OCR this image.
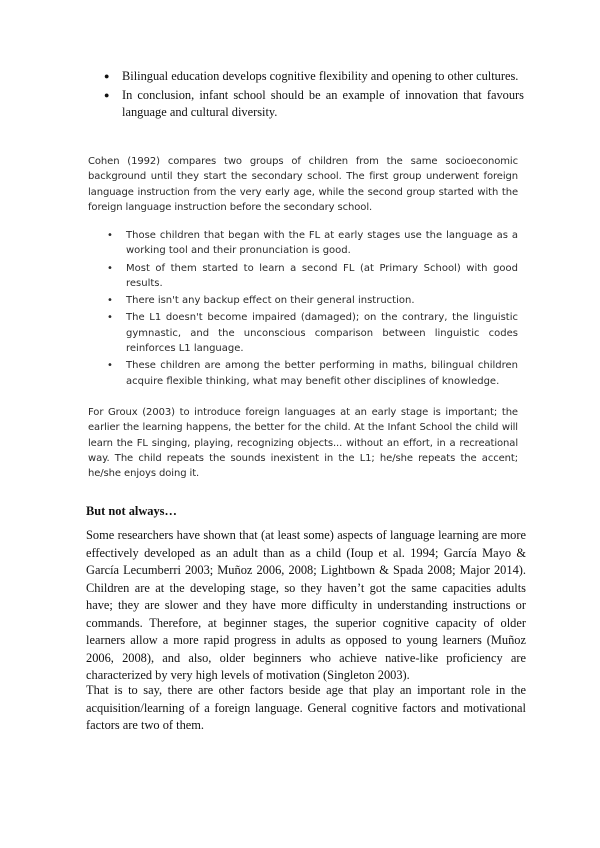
● Bilingual education develops cognitive flexibility and opening to other cultures.
● In conclusion, infant school should be an example of innovation that favours language and cultural diversity.

Cohen (1992) compares two groups of children from the same socioeconomic background until they start the secondary school. The first group underwent foreign language instruction from the very early age, while the second group started with the foreign language instruction before the secondary school.

• Those children that began with the FL at early stages use the language as a working tool and their pronunciation is good.
• Most of them started to learn a second FL (at Primary School) with good results.
• There isn't any backup effect on their general instruction.
• The L1 doesn't become impaired (damaged); on the contrary, the linguistic gymnastic, and the unconscious comparison between linguistic codes reinforces L1 language.
• These children are among the better performing in maths, bilingual children acquire flexible thinking, what may benefit other disciplines of knowledge.

For Groux (2003) to introduce foreign languages at an early stage is important; the earlier the learning happens, the better for the child. At the Infant School the child will learn the FL singing, playing, recognizing objects... without an effort, in a recreational way. The child repeats the sounds inexistent in the L1; he/she repeats the accent; he/she enjoys doing it.

But not always…

Some researchers have shown that (at least some) aspects of language learning are more effectively developed as an adult than as a child (Ioup et al. 1994; García Mayo & García Lecumberri 2003; Muñoz 2006, 2008; Lightbown & Spada 2008; Major 2014). Children are at the developing stage, so they haven’t got the same capacities adults have; they are slower and they have more difficulty in understanding instructions or commands. Therefore, at beginner stages, the superior cognitive capacity of older learners allow a more rapid progress in adults as opposed to young learners (Muñoz 2006, 2008), and also, older beginners who achieve native-like proficiency are characterized by very high levels of motivation (Singleton 2003).

That is to say, there are other factors beside age that play an important role in the acquisition/learning of a foreign language. General cognitive factors and motivational factors are two of them.
